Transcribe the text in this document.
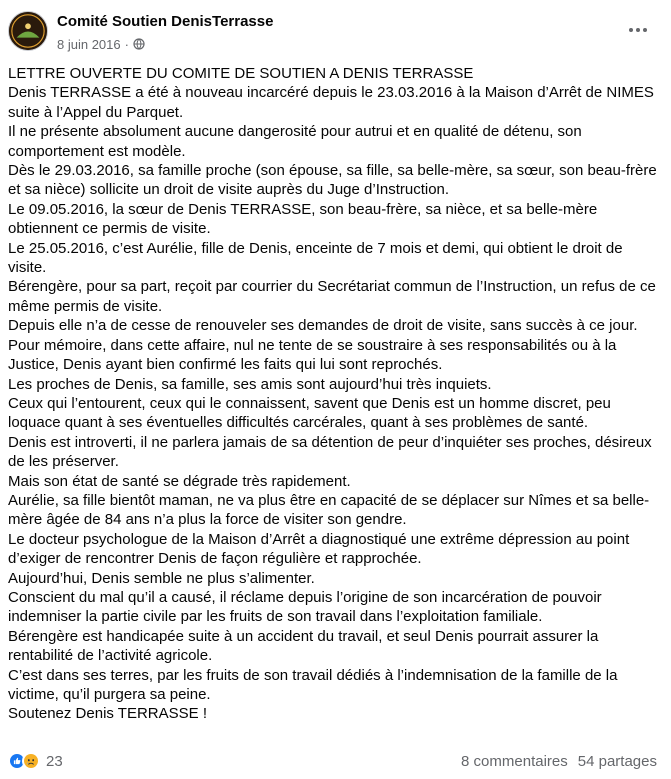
Comité Soutien DenisTerrasse
8 juin 2016 ·

LETTRE OUVERTE DU COMITE DE SOUTIEN A DENIS TERRASSE

Denis TERRASSE a été à nouveau incarcéré depuis le 23.03.2016 à la Maison d’Arrêt de NIMES suite à l’Appel du Parquet.

Il ne présente absolument aucune dangerosité pour autrui et en qualité de détenu, son comportement est modèle.

Dès le 29.03.2016, sa famille proche (son épouse, sa fille, sa belle-mère, sa sœur, son beau-frère et sa nièce) sollicite un droit de visite auprès du Juge d’Instruction.

Le 09.05.2016, la sœur de Denis TERRASSE, son beau-frère, sa nièce, et sa belle-mère obtiennent ce permis de visite.

Le 25.05.2016, c’est Aurélie, fille de Denis, enceinte de 7 mois et demi, qui obtient le droit de visite.

Bérengère, pour sa part, reçoit par courrier du Secrétariat commun de l’Instruction, un refus de ce même permis de visite.

Depuis elle n’a de cesse de renouveler ses demandes de droit de visite, sans succès à ce jour.

Pour mémoire, dans cette affaire, nul ne tente de se soustraire à ses responsabilités ou à la Justice, Denis ayant bien confirmé les faits qui lui sont reprochés.

Les proches de Denis, sa famille, ses amis sont aujourd’hui très inquiets.

Ceux qui l’entourent, ceux qui le connaissent, savent que Denis est un homme discret, peu loquace quant à ses éventuelles difficultés carcérales, quant à ses problèmes de santé.

Denis est introverti, il ne parlera jamais de sa détention de peur d’inquiéter ses proches, désireux de les préserver.

Mais son état de santé se dégrade très rapidement.

Aurélie, sa fille bientôt maman, ne va plus être en capacité de se déplacer sur Nîmes et sa belle-mère âgée de 84 ans n’a plus la force de visiter son gendre.

Le docteur psychologue de la Maison d’Arrêt a diagnostiqué une extrême dépression au point d’exiger de rencontrer Denis de façon régulière et rapprochée.

Aujourd’hui, Denis semble ne plus s’alimenter.

Conscient du mal qu’il a causé, il réclame depuis l’origine de son incarcération de pouvoir indemniser la partie civile par les fruits de son travail dans l’exploitation familiale.

Bérengère est handicapée suite à un accident du travail, et seul Denis pourrait assurer la rentabilité de l’activité agricole.

C’est dans ses terres, par les fruits de son travail dédiés à l’indemnisation de la famille de la victime, qu’il purgera sa peine.

Soutenez Denis TERRASSE !

23	8 commentaires 54 partages
